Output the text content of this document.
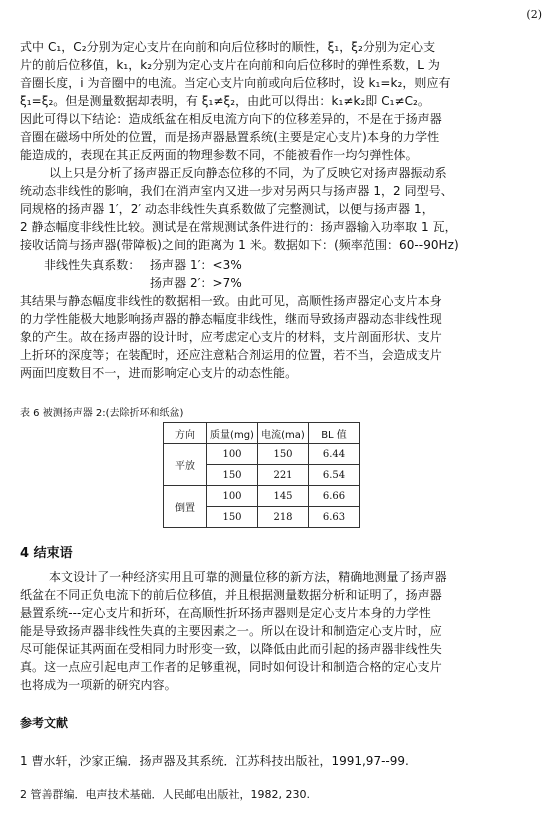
(2)
式中 C₁，C₂分别为定心支片在向前和向后位移时的顺性，ξ₁，ξ₂分别为定心支
片的前后位移值，k₁，k₂分别为定心支片在向前和向后位移时的弹性系数，L 为
音圈长度，i 为音圈中的电流。当定心支片向前或向后位移时，设 k₁=k₂，则应有
ξ₁=ξ₂。但是测量数据却表明，有 ξ₁≠ξ₂，由此可以得出：k₁≠k₂即 C₁≠C₂。
因此可得以下结论：造成纸盆在相反电流方向下的位移差异的，不是在于扬声器
音圈在磁场中所处的位置，而是扬声器悬置系统(主要是定心支片)本身的力学性
能造成的，表现在其正反两面的物理参数不同，不能被看作一均匀弹性体。
以上只是分析了扬声器正反向静态位移的不同，为了反映它对扬声器振动系
统动态非线性的影响，我们在消声室内又进一步对另两只与扬声器 1，2 同型号、
同规格的扬声器 1′，2′ 动态非线性失真系数做了完整测试，以便与扬声器 1，
2 静态幅度非线性比较。测试是在常规测试条件进行的：扬声器输入功率取 1 瓦，
接收话筒与扬声器(带障板)之间的距离为 1 米。数据如下：(频率范围：60--90Hz)
非线性失真系数： 扬声器 1′：<3%
扬声器 2′：>7%
其结果与静态幅度非线性的数据相一致。由此可见，高顺性扬声器定心支片本身
的力学性能极大地影响扬声器的静态幅度非线性，继而导致扬声器动态非线性现
象的产生。故在扬声器的设计时，应考虑定心支片的材料，支片剖面形状、支片
上折环的深度等；在装配时，还应注意粘合剂运用的位置，若不当，会造成支片
两面凹度数目不一，进而影响定心支片的动态性能。
表 6 被测扬声器 2:(去除折环和纸盆)
方向	质量(mg)	电流(ma)	BL 值
平放	100	150	6.44
	150	221	6.54
倒置	100	145	6.66
	150	218	6.63
4 结束语
本文设计了一种经济实用且可靠的测量位移的新方法，精确地测量了扬声器
纸盆在不同正负电流下的前后位移值，并且根据测量数据分析和证明了，扬声器
悬置系统---定心支片和折环，在高顺性折环扬声器则是定心支片本身的力学性
能是导致扬声器非线性失真的主要因素之一。所以在设计和制造定心支片时，应
尽可能保证其两面在受相同力时形变一致，以降低由此而引起的扬声器非线性失
真。这一点应引起电声工作者的足够重视，同时如何设计和制造合格的定心支片
也将成为一项新的研究内容。
参考文献
1 曹水轩，沙家正编．扬声器及其系统．江苏科技出版社，1991,97--99.
2 管善群编．电声技术基础．人民邮电出版社，1982, 230.
